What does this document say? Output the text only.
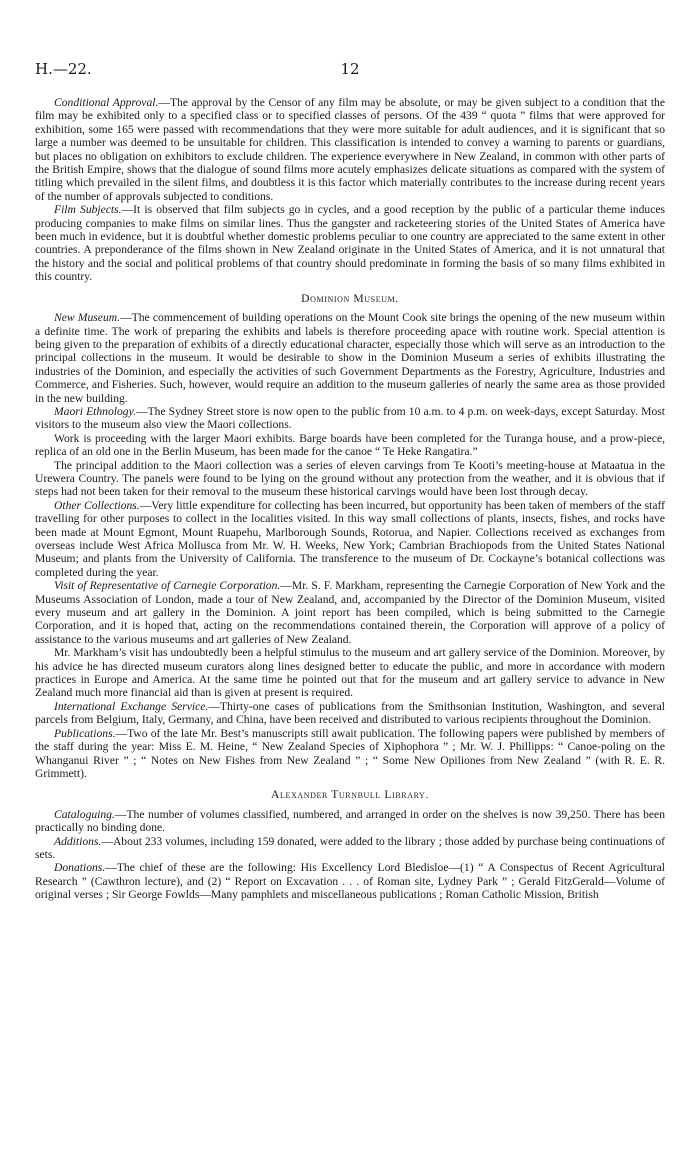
H.—22.	12

Conditional Approval.—The approval by the Censor of any film may be absolute, or may be given subject to a condition that the film may be exhibited only to a specified class or to specified classes of persons. Of the 439 “ quota ” films that were approved for exhibition, some 165 were passed with recommendations that they were more suitable for adult audiences, and it is significant that so large a number was deemed to be unsuitable for children. This classification is intended to convey a warning to parents or guardians, but places no obligation on exhibitors to exclude children. The experience everywhere in New Zealand, in common with other parts of the British Empire, shows that the dialogue of sound films more acutely emphasizes delicate situations as compared with the system of titling which prevailed in the silent films, and doubtless it is this factor which materially contributes to the increase during recent years of the number of approvals subjected to conditions.

Film Subjects.—It is observed that film subjects go in cycles, and a good reception by the public of a particular theme induces producing companies to make films on similar lines. Thus the gangster and racketeering stories of the United States of America have been much in evidence, but it is doubtful whether domestic problems peculiar to one country are appreciated to the same extent in other countries. A preponderance of the films shown in New Zealand originate in the United States of America, and it is not unnatural that the history and the social and political problems of that country should predominate in forming the basis of so many films exhibited in this country.

Dominion Museum.

New Museum.—The commencement of building operations on the Mount Cook site brings the opening of the new museum within a definite time. The work of preparing the exhibits and labels is therefore proceeding apace with routine work. Special attention is being given to the preparation of exhibits of a directly educational character, especially those which will serve as an introduction to the principal collections in the museum. It would be desirable to show in the Dominion Museum a series of exhibits illustrating the industries of the Dominion, and especially the activities of such Government Departments as the Forestry, Agriculture, Industries and Commerce, and Fisheries. Such, however, would require an addition to the museum galleries of nearly the same area as those provided in the new building.

Maori Ethnology.—The Sydney Street store is now open to the public from 10 a.m. to 4 p.m. on week-days, except Saturday. Most visitors to the museum also view the Maori collections.

Work is proceeding with the larger Maori exhibits. Barge boards have been completed for the Turanga house, and a prow-piece, replica of an old one in the Berlin Museum, has been made for the canoe “ Te Heke Rangatira.”

The principal addition to the Maori collection was a series of eleven carvings from Te Kooti’s meeting-house at Mataatua in the Urewera Country. The panels were found to be lying on the ground without any protection from the weather, and it is obvious that if steps had not been taken for their removal to the museum these historical carvings would have been lost through decay.

Other Collections.—Very little expenditure for collecting has been incurred, but opportunity has been taken of members of the staff travelling for other purposes to collect in the localities visited. In this way small collections of plants, insects, fishes, and rocks have been made at Mount Egmont, Mount Ruapehu, Marlborough Sounds, Rotorua, and Napier. Collections received as exchanges from overseas include West Africa Mollusca from Mr. W. H. Weeks, New York; Cambrian Brachiopods from the United States National Museum; and plants from the University of California. The transference to the museum of Dr. Cockayne’s botanical collections was completed during the year.

Visit of Representative of Carnegie Corporation.—Mr. S. F. Markham, representing the Carnegie Corporation of New York and the Museums Association of London, made a tour of New Zealand, and, accompanied by the Director of the Dominion Museum, visited every museum and art gallery in the Dominion. A joint report has been compiled, which is being submitted to the Carnegie Corporation, and it is hoped that, acting on the recommendations contained therein, the Corporation will approve of a policy of assistance to the various museums and art galleries of New Zealand.

Mr. Markham’s visit has undoubtedly been a helpful stimulus to the museum and art gallery service of the Dominion. Moreover, by his advice he has directed museum curators along lines designed better to educate the public, and more in accordance with modern practices in Europe and America. At the same time he pointed out that for the museum and art gallery service to advance in New Zealand much more financial aid than is given at present is required.

International Exchange Service.—Thirty-one cases of publications from the Smithsonian Institution, Washington, and several parcels from Belgium, Italy, Germany, and China, have been received and distributed to various recipients throughout the Dominion.

Publications.—Two of the late Mr. Best’s manuscripts still await publication. The following papers were published by members of the staff during the year: Miss E. M. Heine, “ New Zealand Species of Xiphophora ” ; Mr. W. J. Phillipps: “ Canoe-poling on the Whanganui River ” ; “ Notes on New Fishes from New Zealand ” ; “ Some New Opiliones from New Zealand ” (with R. E. R. Grimmett).

Alexander Turnbull Library.

Cataloguing.—The number of volumes classified, numbered, and arranged in order on the shelves is now 39,250. There has been practically no binding done.

Additions.—About 233 volumes, including 159 donated, were added to the library ; those added by purchase being continuations of sets.

Donations.—The chief of these are the following: His Excellency Lord Bledisloe—(1) “ A Conspectus of Recent Agricultural Research ” (Cawthron lecture), and (2) “ Report on Excavation . . . of Roman site, Lydney Park ” ; Gerald FitzGerald—Volume of original verses ; Sir George Fowlds—Many pamphlets and miscellaneous publications ; Roman Catholic Mission, British
